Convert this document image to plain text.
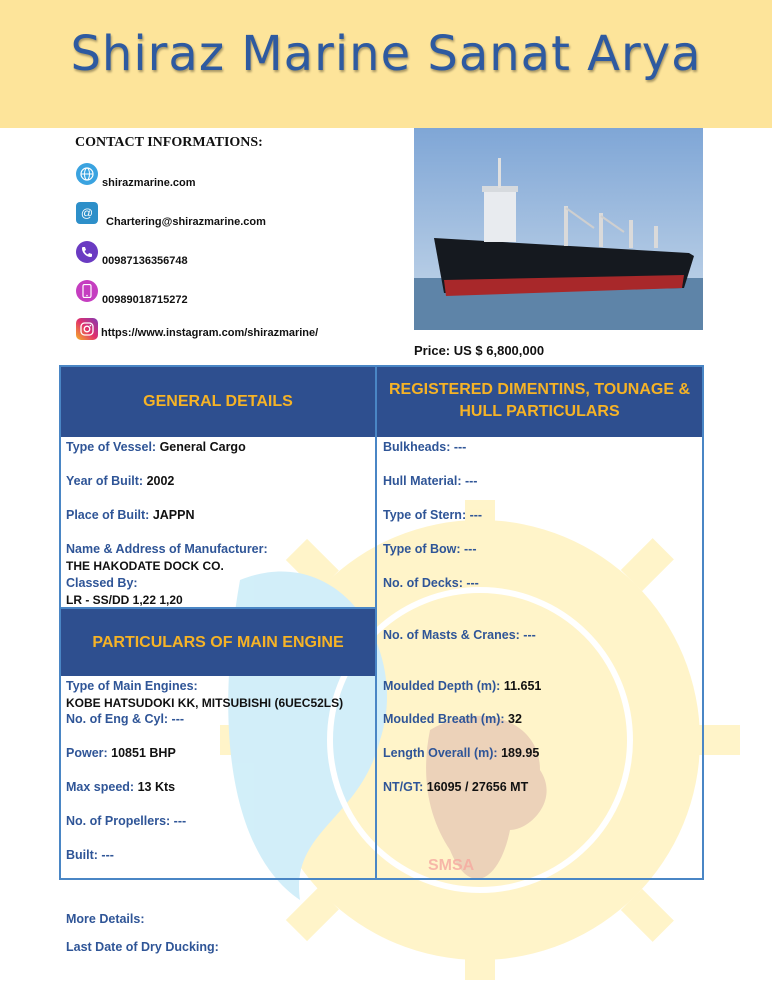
Shiraz Marine Sanat Arya
SMSA
CONTACT INFORMATIONS:
shirazmarine.com
@
Chartering@shirazmarine.com
00987136356748
00989018715272
https://www.instagram.com/shirazmarine/
Price: US $ 6,800,000
GENERAL DETAILS
REGISTERED DIMENTINS, TOUNAGE &
HULL PARTICULARS
Type of Vessel: General Cargo
Year of Built: 2002
Place of Built: JAPPN
Name & Address of Manufacturer:
THE HAKODATE DOCK CO.
Classed By:
LR - SS/DD 1,22 1,20
PARTICULARS OF MAIN ENGINE
Type of Main Engines:
KOBE HATSUDOKI KK, MITSUBISHI (6UEC52LS)
No. of Eng & Cyl: ---
Power: 10851 BHP
Max speed: 13 Kts
No. of Propellers: ---
Built: ---
Bulkheads: ---
Hull Material: ---
Type of Stern: ---
Type of Bow: ---
No. of Decks: ---
No. of Masts & Cranes: ---
Moulded Depth (m): 11.651
Moulded Breath (m): 32
Length Overall (m): 189.95
NT/GT: 16095 / 27656 MT
More Details:
Last Date of Dry Ducking:
